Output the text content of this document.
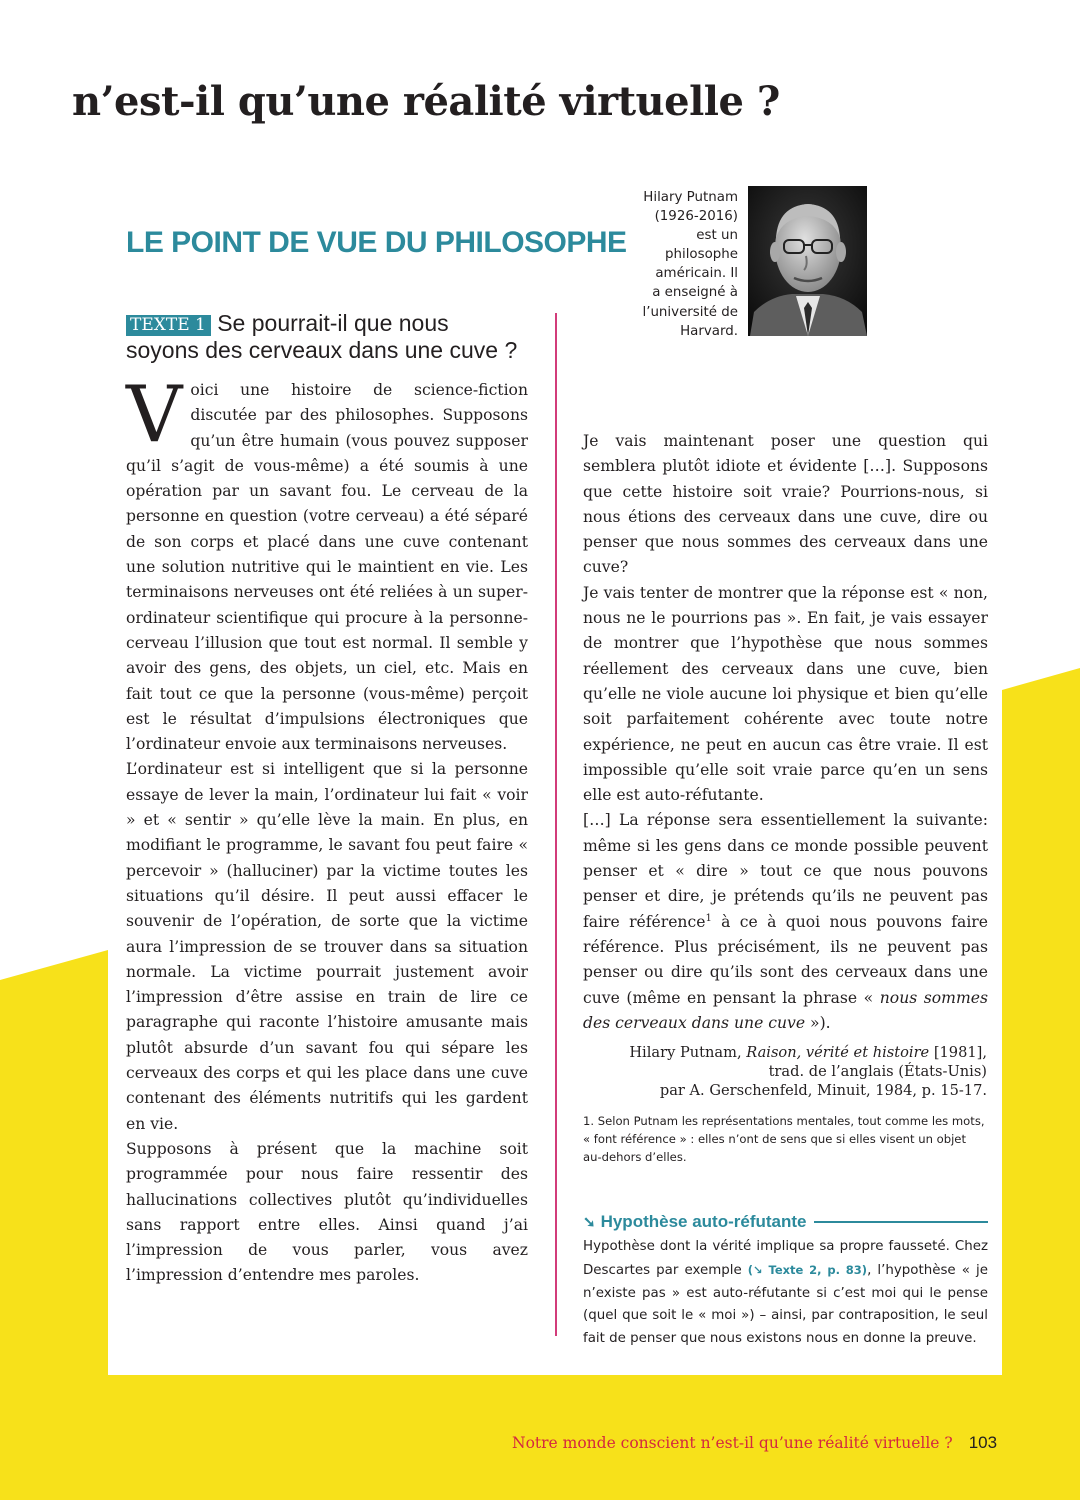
n’est-il qu’une réalité virtuelle ?
LE POINT DE VUE DU PHILOSOPHE
Hilary Putnam
(1926-2016)
est un
philosophe
américain. Il
a enseigné à
l’université de
Harvard.
TEXTE 1 Se pourrait-il que nous soyons des cerveaux dans une cuve ?

Voici une histoire de science-fiction discutée par des philosophes. Supposons qu’un être humain (vous pouvez supposer qu’il s’agit de vous-même) a été soumis à une opération par un savant fou. Le cerveau de la personne en question (votre cerveau) a été séparé de son corps et placé dans une cuve contenant une solution nutritive qui le maintient en vie. Les terminaisons nerveuses ont été reliées à un super-ordinateur scientifique qui procure à la personne-cerveau l’illusion que tout est normal. Il semble y avoir des gens, des objets, un ciel, etc. Mais en fait tout ce que la personne (vous-même) perçoit est le résultat d’impulsions électroniques que l’ordinateur envoie aux terminaisons nerveuses.

L’ordinateur est si intelligent que si la personne essaye de lever la main, l’ordinateur lui fait « voir » et « sentir » qu’elle lève la main. En plus, en modifiant le programme, le savant fou peut faire « percevoir » (halluciner) par la victime toutes les situations qu’il désire. Il peut aussi effacer le souvenir de l’opération, de sorte que la victime aura l’impression de se trouver dans sa situation normale. La victime pourrait justement avoir l’impression d’être assise en train de lire ce paragraphe qui raconte l’histoire amusante mais plutôt absurde d’un savant fou qui sépare les cerveaux des corps et qui les place dans une cuve contenant des éléments nutritifs qui les gardent en vie.

Supposons à présent que la machine soit programmée pour nous faire ressentir des hallucinations collectives plutôt qu’individuelles sans rapport entre elles. Ainsi quand j’ai l’impression de vous parler, vous avez l’impression d’entendre mes paroles.

Je vais maintenant poser une question qui semblera plutôt idiote et évidente […]. Supposons que cette histoire soit vraie? Pourrions-nous, si nous étions des cerveaux dans une cuve, dire ou penser que nous sommes des cerveaux dans une cuve?

Je vais tenter de montrer que la réponse est « non, nous ne le pourrions pas ». En fait, je vais essayer de montrer que l’hypothèse que nous sommes réellement des cerveaux dans une cuve, bien qu’elle ne viole aucune loi physique et bien qu’elle soit parfaitement cohérente avec toute notre expérience, ne peut en aucun cas être vraie. Il est impossible qu’elle soit vraie parce qu’en un sens elle est auto-réfutante.

[…] La réponse sera essentiellement la suivante: même si les gens dans ce monde possible peuvent penser et « dire » tout ce que nous pouvons penser et dire, je prétends qu’ils ne peuvent pas faire référence$^1$ à ce à quoi nous pouvons faire référence. Plus précisément, ils ne peuvent pas penser ou dire qu’ils sont des cerveaux dans une cuve (même en pensant la phrase « nous sommes des cerveaux dans une cuve »).

Hilary Putnam, Raison, vérité et histoire [1981],
trad. de l’anglais (États-Unis)
par A. Gerschenfeld, Minuit, 1984, p. 15-17.
1. Selon Putnam les représentations mentales, tout comme les mots, « font référence » : elles n’ont de sens que si elles visent un objet au-dehors d’elles.
➘ Hypothèse auto-réfutante
Hypothèse dont la vérité implique sa propre fausseté. Chez Descartes par exemple (↘ Texte 2, p. 83), l’hypothèse « je n’existe pas » est auto-réfutante si c’est moi qui le pense (quel que soit le « moi ») – ainsi, par contraposition, le seul fait de penser que nous existons nous en donne la preuve.
Notre monde conscient n’est-il qu’une réalité virtuelle ? 103
